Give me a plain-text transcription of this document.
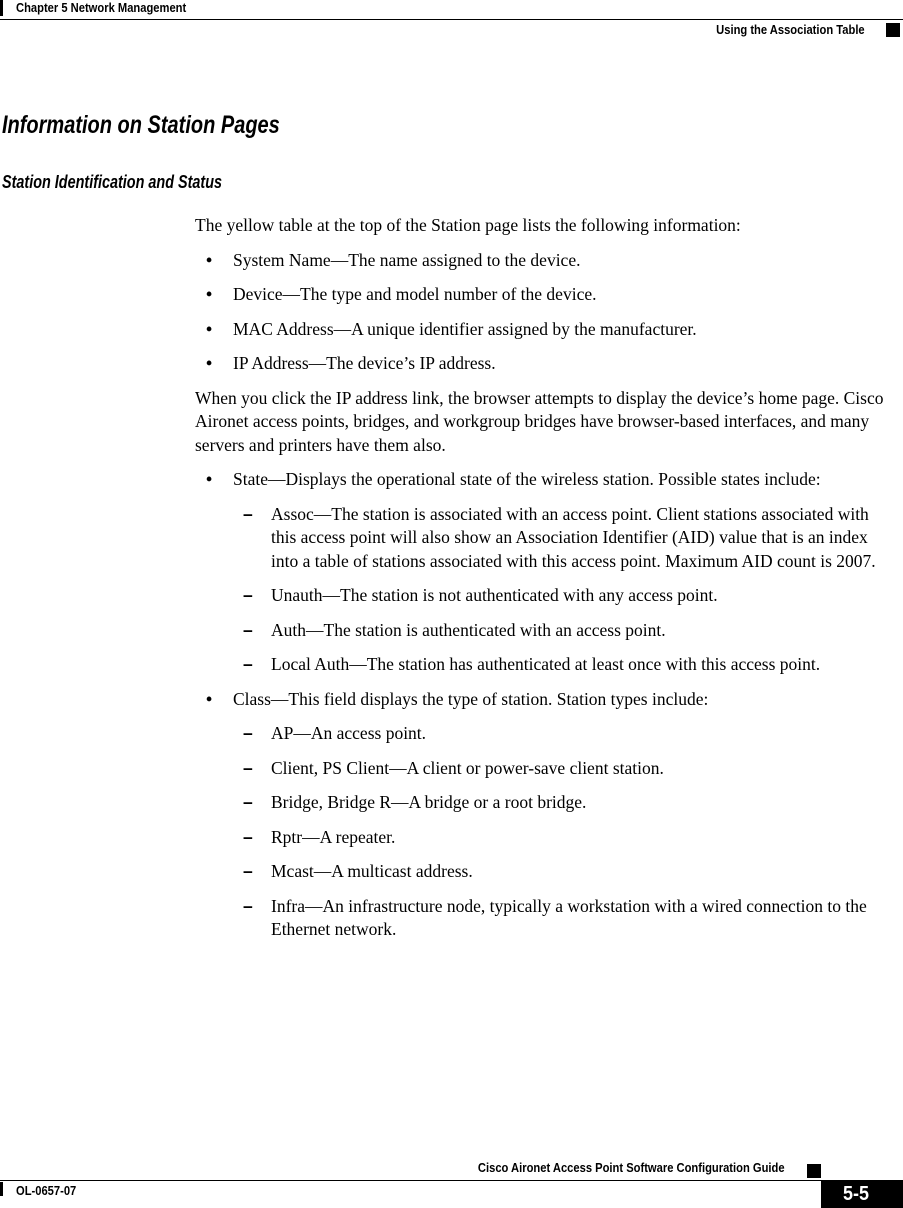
Chapter 5 Network Management
Using the Association Table
Information on Station Pages
Station Identification and Status

The yellow table at the top of the Station page lists the following information:

• System Name—The name assigned to the device.
• Device—The type and model number of the device.
• MAC Address—A unique identifier assigned by the manufacturer.
• IP Address—The device’s IP address.

When you click the IP address link, the browser attempts to display the device’s home page. Cisco Aironet access points, bridges, and workgroup bridges have browser-based interfaces, and many servers and printers have them also.

• State—Displays the operational state of the wireless station. Possible states include:
– Assoc—The station is associated with an access point. Client stations associated with this access point will also show an Association Identifier (AID) value that is an index into a table of stations associated with this access point. Maximum AID count is 2007.
– Unauth—The station is not authenticated with any access point.
– Auth—The station is authenticated with an access point.
– Local Auth—The station has authenticated at least once with this access point.
• Class—This field displays the type of station. Station types include:
– AP—An access point.
– Client, PS Client—A client or power-save client station.
– Bridge, Bridge R—A bridge or a root bridge.
– Rptr—A repeater.
– Mcast—A multicast address.
– Infra—An infrastructure node, typically a workstation with a wired connection to the Ethernet network.
Cisco Aironet Access Point Software Configuration Guide
OL-0657-07	5-5
